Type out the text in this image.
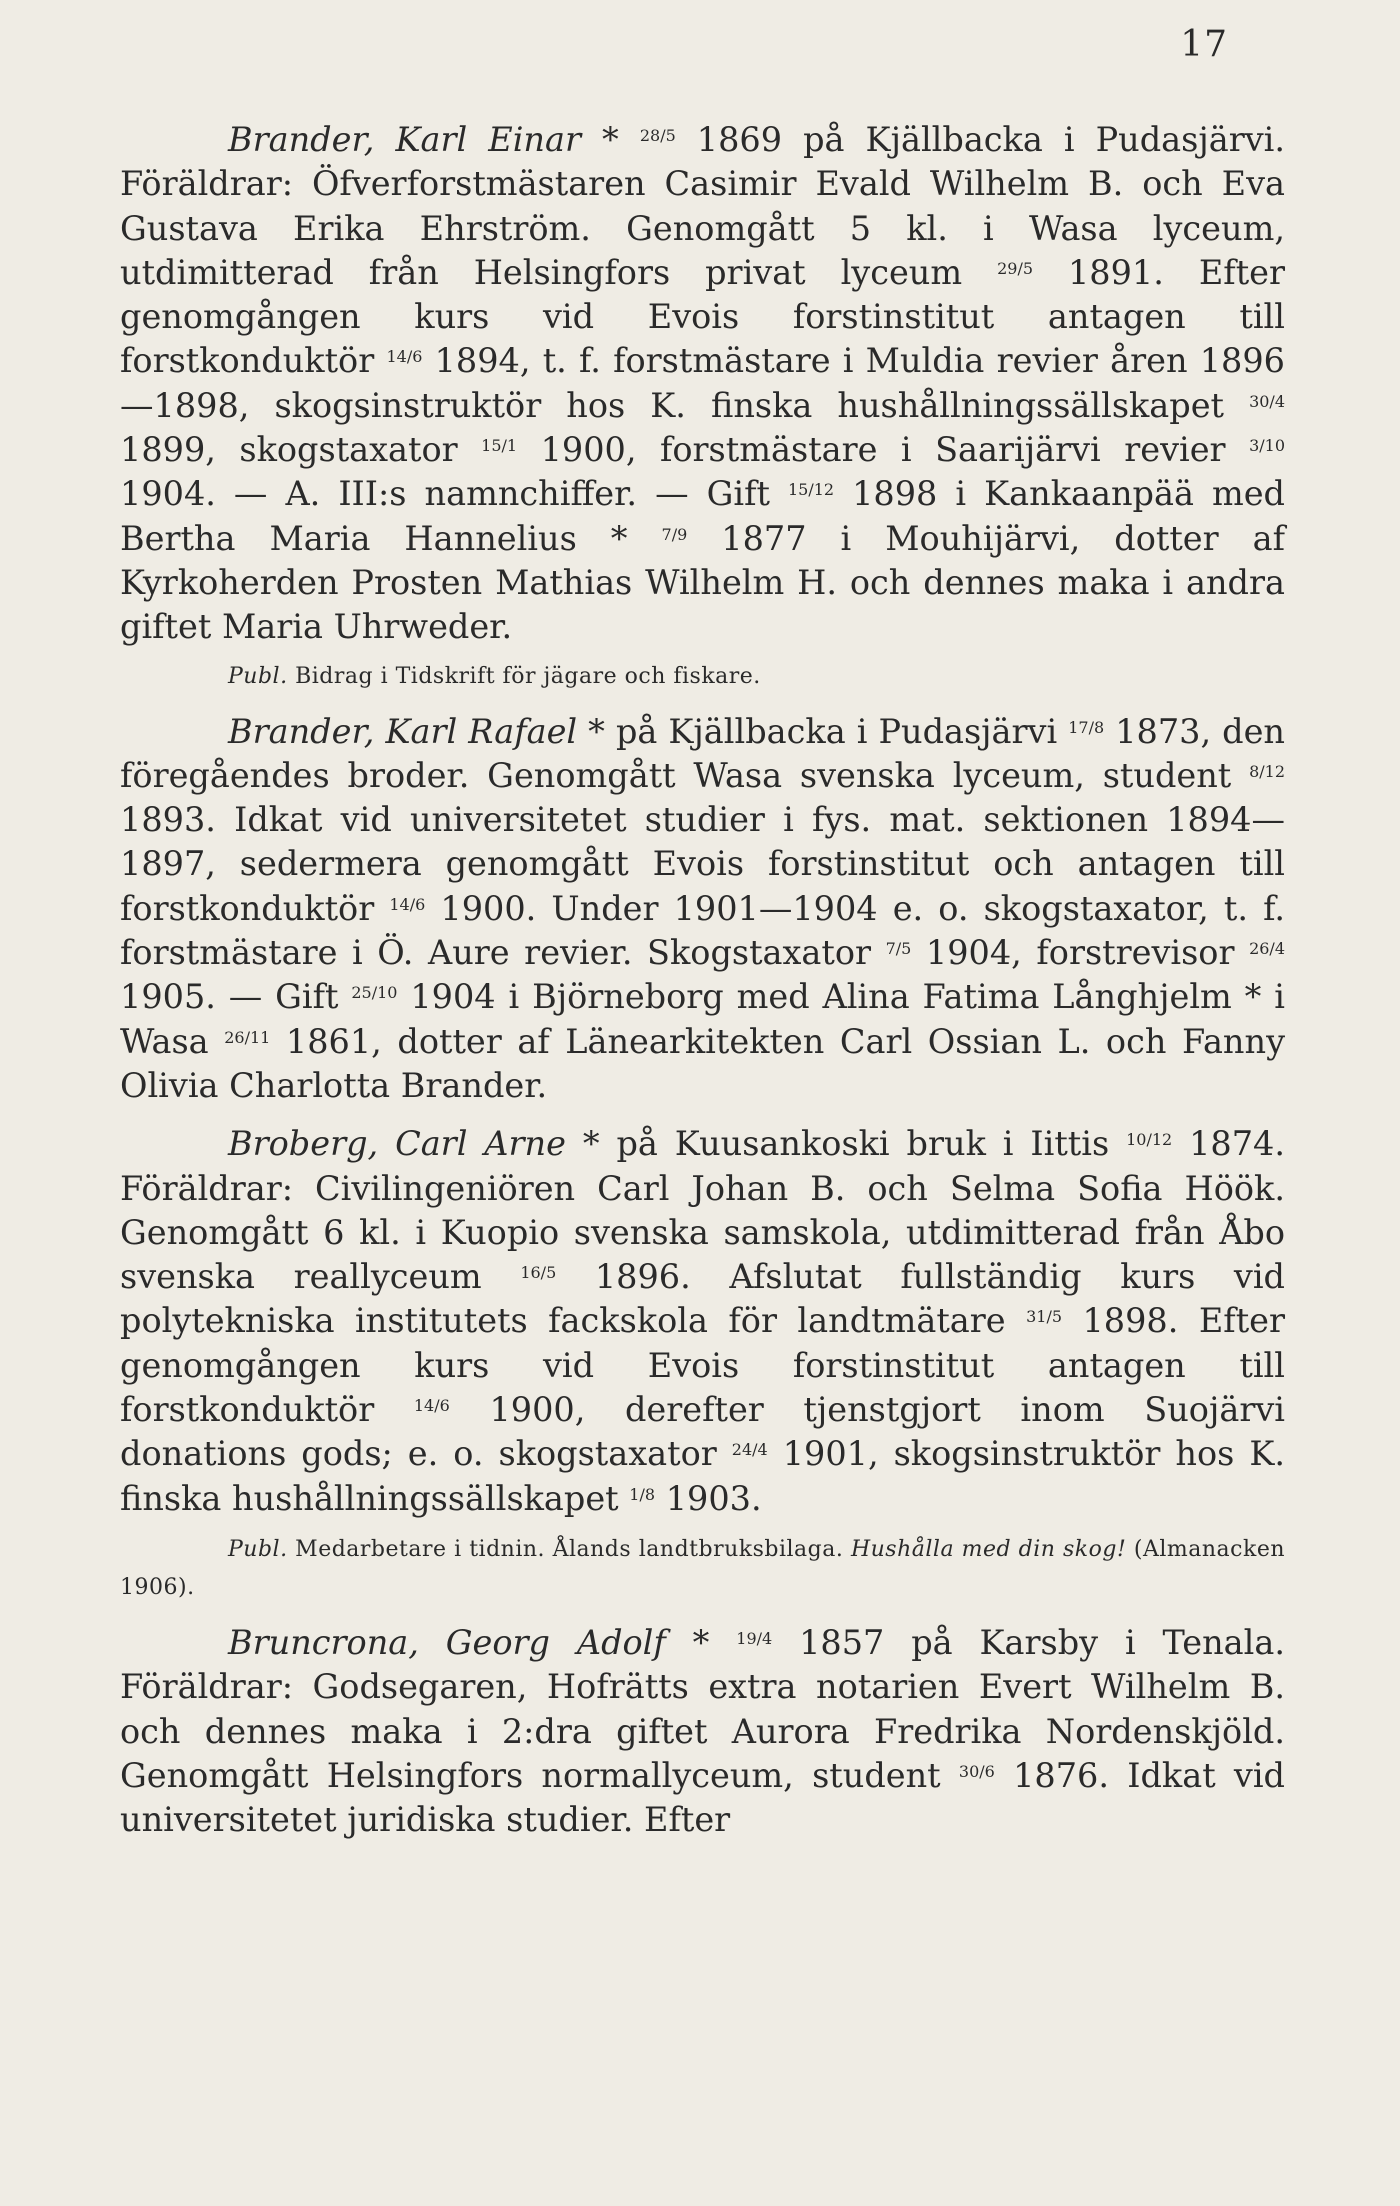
17

Brander, Karl Einar * $^{28/5}$ 1869 på Kjällbacka i Pudasjärvi. Föräldrar: Öfverforstmästaren Casimir Evald Wilhelm B. och Eva Gustava Erika Ehrström. Genomgått 5 kl. i Wasa lyceum, utdimitterad från Helsingfors privat lyceum $^{29/5}$ 1891. Efter genomgången kurs vid Evois forstinstitut antagen till forstkonduktör $^{14/6}$ 1894, t. f. forstmästare i Muldia revier åren 1896—1898, skogsinstruktör hos K. finska hushållningssällskapet $^{30/4}$ 1899, skogstaxator $^{15/1}$ 1900, forstmästare i Saarijärvi revier $^{3/10}$ 1904. — A. III:s namnchiffer. — Gift $^{15/12}$ 1898 i Kankaanpää med Bertha Maria Hannelius * $^{7/9}$ 1877 i Mouhijärvi, dotter af Kyrkoherden Prosten Mathias Wilhelm H. och dennes maka i andra giftet Maria Uhrweder.

Publ. Bidrag i Tidskrift för jägare och fiskare.

Brander, Karl Rafael * på Kjällbacka i Pudasjärvi $^{17/8}$ 1873, den föregåendes broder. Genomgått Wasa svenska lyceum, student $^{8/12}$ 1893. Idkat vid universitetet studier i fys. mat. sektionen 1894—1897, sedermera genomgått Evois forstinstitut och antagen till forstkonduktör $^{14/6}$ 1900. Under 1901—1904 e. o. skogstaxator, t. f. forstmästare i Ö. Aure revier. Skogstaxator $^{7/5}$ 1904, forstrevisor $^{26/4}$ 1905. — Gift $^{25/10}$ 1904 i Björneborg med Alina Fatima Långhjelm * i Wasa $^{26/11}$ 1861, dotter af Länearkitekten Carl Ossian L. och Fanny Olivia Charlotta Brander.

Broberg, Carl Arne * på Kuusankoski bruk i Iittis $^{10/12}$ 1874. Föräldrar: Civilingeniören Carl Johan B. och Selma Sofia Höök. Genomgått 6 kl. i Kuopio svenska samskola, utdimitterad från Åbo svenska reallyceum $^{16/5}$ 1896. Afslutat fullständig kurs vid polytekniska institutets fackskola för landtmätare $^{31/5}$ 1898. Efter genomgången kurs vid Evois forstinstitut antagen till forstkonduktör $^{14/6}$ 1900, derefter tjenstgjort inom Suojärvi donations gods; e. o. skogstaxator $^{24/4}$ 1901, skogsinstruktör hos K. finska hushållningssällskapet $^{1/8}$ 1903.

Publ. Medarbetare i tidnin. Ålands landtbruksbilaga. Hushålla med din skog! (Almanacken 1906).

Bruncrona, Georg Adolf * $^{19/4}$ 1857 på Karsby i Tenala. Föräldrar: Godsegaren, Hofrätts extra notarien Evert Wilhelm B. och dennes maka i 2:dra giftet Aurora Fredrika Nordenskjöld. Genomgått Helsingfors normallyceum, student $^{30/6}$ 1876. Idkat vid universitetet juridiska studier. Efter
